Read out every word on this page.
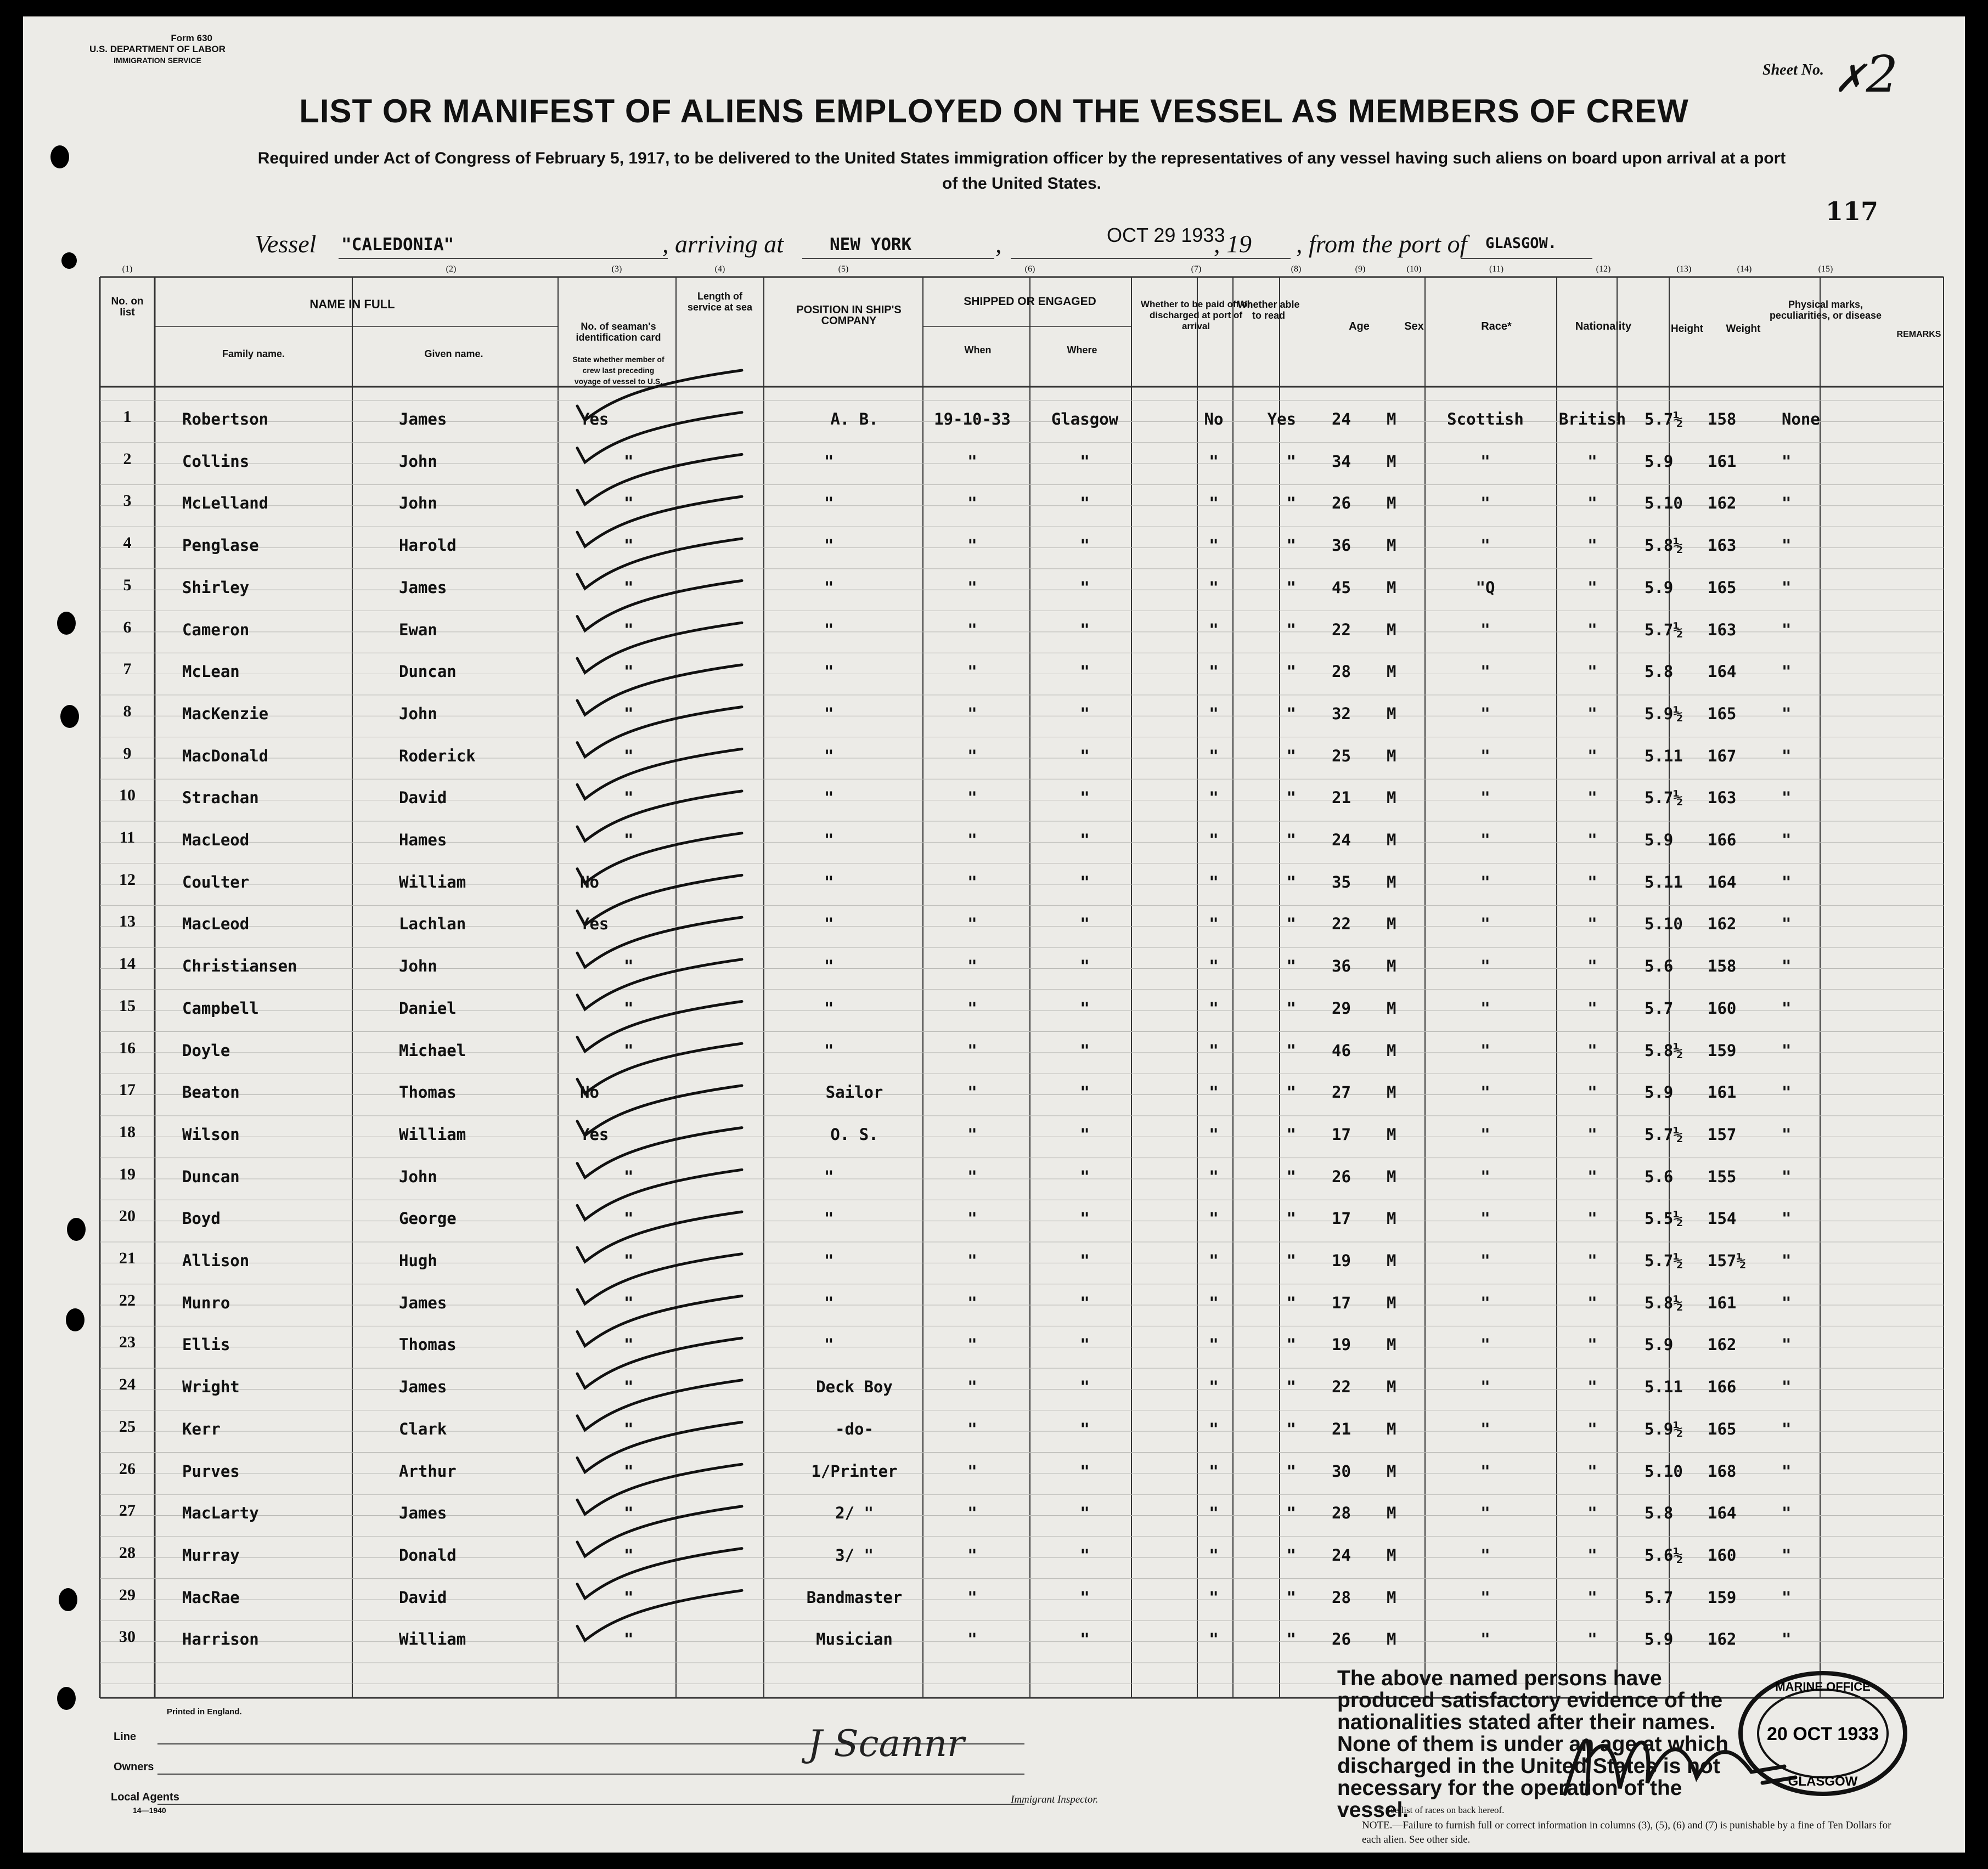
Form 630
U.S. DEPARTMENT OF LABOR
IMMIGRATION SERVICE
Sheet No. ✗2
LIST OR MANIFEST OF ALIENS EMPLOYED ON THE VESSEL AS MEMBERS OF CREW
Required under Act of Congress of February 5, 1917, to be delivered to the United States immigration officer by the representatives of any vessel having such aliens on board upon arrival at a port of the United States.
117
Vessel "CALEDONIA"	, arriving at	NEW YORK	,	OCT 29 1933
, 19 , from the port of GLASGOW.
(1)	(2)	(3)	(4)	(5)	(6)	(7)	(8)	(9)	(10)	(11)	(12)	(13)	(14)	(15)
No. on list
NAME IN FULL
Family name.	Given name.
No. of seaman's identification card
State whether member of crew last preceding voyage of vessel to U.S.
Length of service at sea	POSITION IN SHIP'S COMPANY
SHIPPED OR ENGAGED
When	Where
Whether to be paid off or discharged at port of arrival
Whether able to read
Age	Sex	Race*	Nationality	Height	Weight
Physical marks, peculiarities, or disease
REMARKS
1	Robertson	James	Yes	A. B.	19-10-33	Glasgow	No	Yes 24 M	Scottish	British	5.7½ 158	None
2	Collins	John	"	"	"	"	"	" 34 M	"	"	5.9 161	"
3	McLelland	John	"	"	"	"	"	" 26 M	"	"	5.10 162	"
4	Penglase	Harold	"	"	"	"	"	" 36 M	"	"	5.8½ 163	"
5	Shirley	James	"	"	"	"	"	" 45 M	"Q	"	5.9 165	"
6	Cameron	Ewan	"	"	"	"	"	" 22 M	"	"	5.7½ 163	"
7	McLean	Duncan	"	"	"	"	"	" 28 M	"	"	5.8 164	"
8	MacKenzie	John	"	"	"	"	"	" 32 M	"	"	5.9½ 165	"
9	MacDonald	Roderick	"	"	"	"	"	" 25 M	"	"	5.11 167	"
10	Strachan	David	"	"	"	"	"	" 21 M	"	"	5.7½ 163	"
11	MacLeod	Hames	"	"	"	"	"	" 24 M	"	"	5.9 166	"
12	Coulter	William	No	"	"	"	"	" 35 M	"	"	5.11 164	"
13	MacLeod	Lachlan	Yes	"	"	"	"	" 22 M	"	"	5.10 162	"
14	Christiansen	John	"	"	"	"	"	" 36 M	"	"	5.6 158	"
15	Campbell	Daniel	"	"	"	"	"	" 29 M	"	"	5.7 160	"
16	Doyle	Michael	"	"	"	"	"	" 46 M	"	"	5.8½ 159	"
17	Beaton	Thomas	No	Sailor	"	"	"	" 27 M	"	"	5.9 161	"
18	Wilson	William	Yes	O. S.	"	"	"	" 17 M	"	"	5.7½ 157	"
19	Duncan	John	"	"	"	"	"	" 26 M	"	"	5.6 155	"
20	Boyd	George	"	"	"	"	"	" 17 M	"	"	5.5½ 154	"
21	Allison	Hugh	"	"	"	"	"	" 19 M	"	"	5.7½ 157½ "
22	Munro	James	"	"	"	"	"	" 17 M	"	"	5.8½ 161	"
23	Ellis	Thomas	"	"	"	"	"	" 19 M	"	"	5.9 162	"
24	Wright	James	"	Deck Boy	"	"	"	" 22 M	"	"	5.11 166	"
25	Kerr	Clark	"	-do-	"	"	"	" 21 M	"	"	5.9½ 165	"
26	Purves	Arthur	"	1/Printer	"	"	"	" 30 M	"	"	5.10 168	"
27	MacLarty	James	"	2/ "	"	"	"	" 28 M	"	"	5.8 164	"
28	Murray	Donald	"	3/ "	"	"	"	" 24 M	"	"	5.6½ 160	"
29	MacRae	David	"	Bandmaster	"	"	"	" 28 M	"	"	5.7 159	"
30	Harrison	William	"	Musician	"	"	"	" 26 M	"	"	5.9 162	"
Printed in England.
Line
Owners
Local Agents
14—1940
J Scannr
Immigrant Inspector.
The above named persons have produced satisfactory evidence of the nationalities stated after their names. None of them is under an age at which discharged in the United States is not necessary for the operation of the vessel.
* See list of races on back hereof.
NOTE.—Failure to furnish full or correct information in columns (3), (5), (6) and (7) is punishable by a fine of Ten Dollars for each alien. See other side.
MARINE OFFICE
20 OCT 1933
GLASGOW
